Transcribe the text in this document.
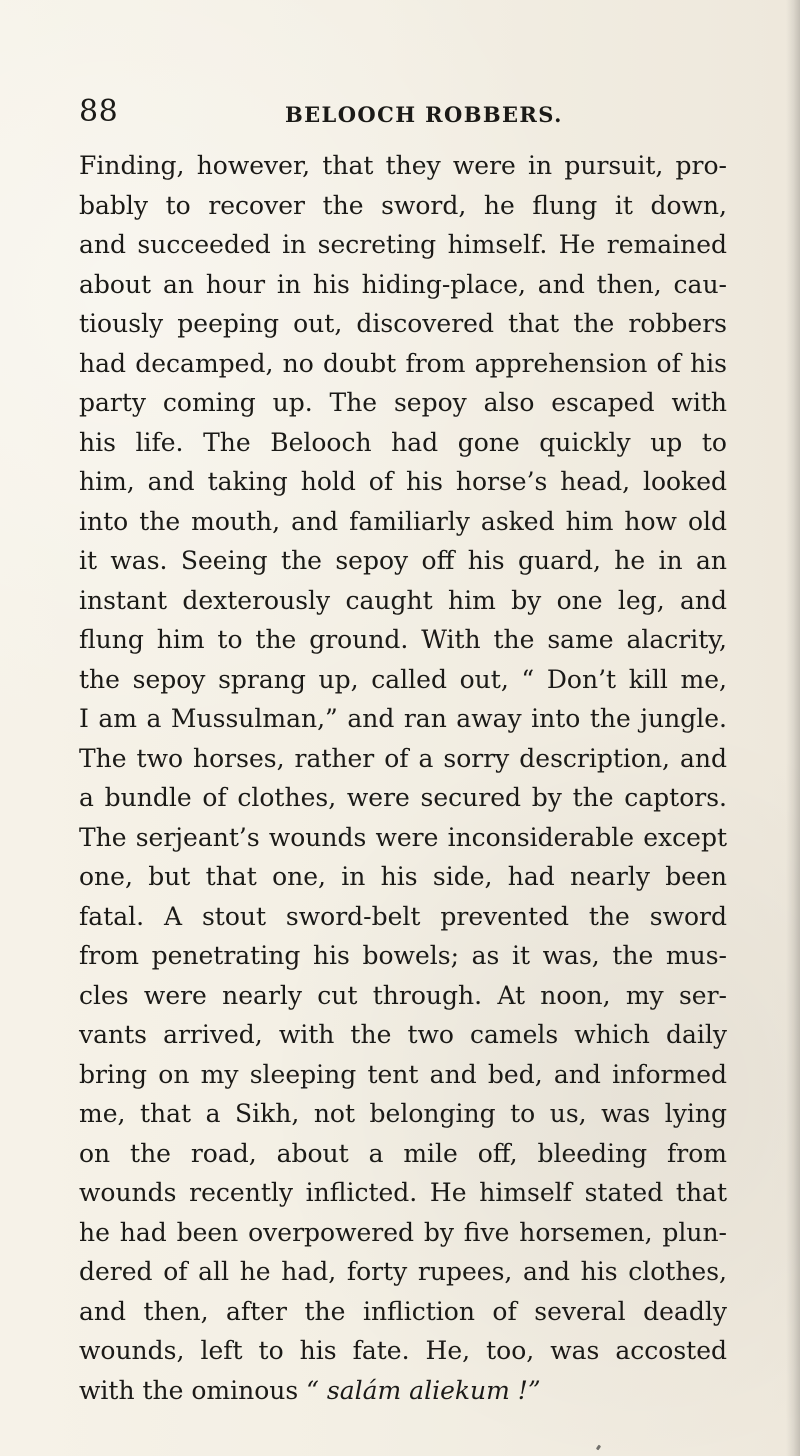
88	BELOOCH ROBBERS.
Finding, however, that they were in pursuit, pro-
bably to recover the sword, he flung it down,
and succeeded in secreting himself. He remained
about an hour in his hiding-place, and then, cau-
tiously peeping out, discovered that the robbers
had decamped, no doubt from apprehension of his
party coming up. The sepoy also escaped with
his life. The Belooch had gone quickly up to
him, and taking hold of his horse’s head, looked
into the mouth, and familiarly asked him how old
it was. Seeing the sepoy off his guard, he in an
instant dexterously caught him by one leg, and
flung him to the ground. With the same alacrity,
the sepoy sprang up, called out, “ Don’t kill me,
I am a Mussulman,” and ran away into the jungle.
The two horses, rather of a sorry description, and
a bundle of clothes, were secured by the captors.
The serjeant’s wounds were inconsiderable except
one, but that one, in his side, had nearly been
fatal. A stout sword-belt prevented the sword
from penetrating his bowels; as it was, the mus-
cles were nearly cut through. At noon, my ser-
vants arrived, with the two camels which daily
bring on my sleeping tent and bed, and informed
me, that a Sikh, not belonging to us, was lying
on the road, about a mile off, bleeding from
wounds recently inflicted. He himself stated that
he had been overpowered by five horsemen, plun-
dered of all he had, forty rupees, and his clothes,
and then, after the infliction of several deadly
wounds, left to his fate. He, too, was accosted
with the ominous “ salám aliekum !”
